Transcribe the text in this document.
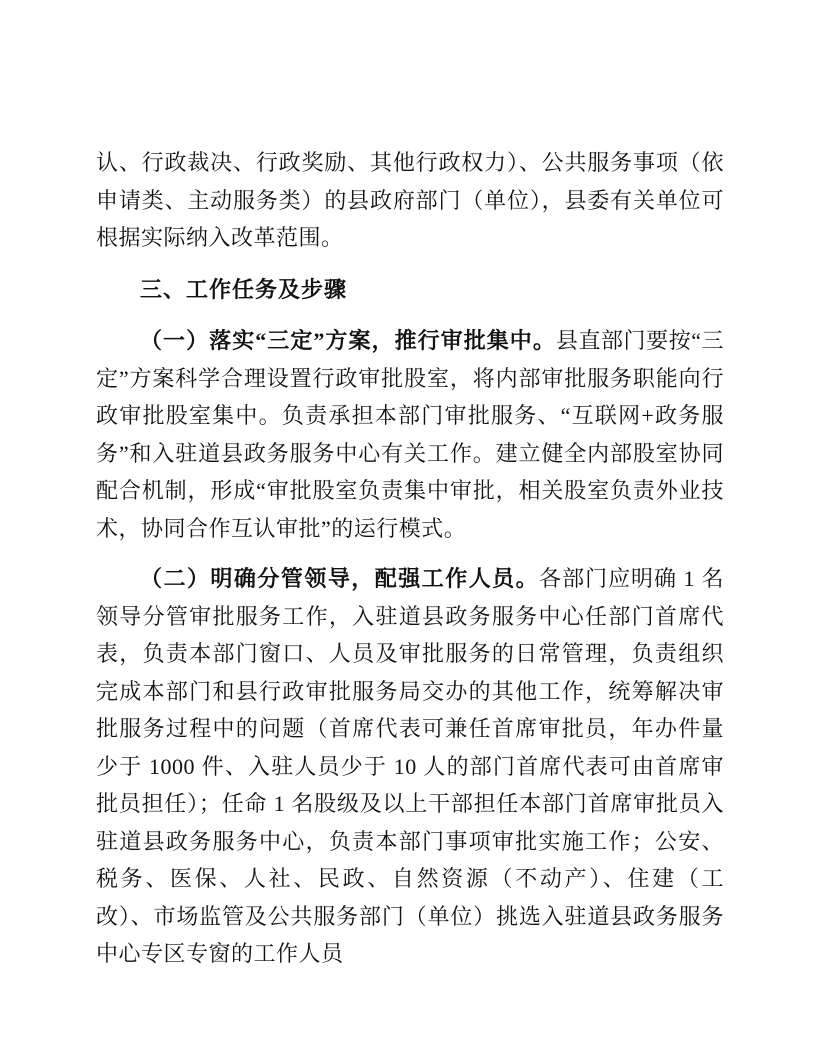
认、行政裁决、行政奖励、其他行政权力）、公共服务事项（依申请类、主动服务类）的县政府部门（单位），县委有关单位可根据实际纳入改革范围。

三、工作任务及步骤

（一）落实“三定”方案，推行审批集中。县直部门要按“三定”方案科学合理设置行政审批股室，将内部审批服务职能向行政审批股室集中。负责承担本部门审批服务、“互联网+政务服务”和入驻道县政务服务中心有关工作。建立健全内部股室协同配合机制，形成“审批股室负责集中审批，相关股室负责外业技术，协同合作互认审批”的运行模式。

（二）明确分管领导，配强工作人员。各部门应明确 1 名领导分管审批服务工作，入驻道县政务服务中心任部门首席代表，负责本部门窗口、人员及审批服务的日常管理，负责组织完成本部门和县行政审批服务局交办的其他工作，统筹解决审批服务过程中的问题（首席代表可兼任首席审批员，年办件量少于 1000 件、入驻人员少于 10 人的部门首席代表可由首席审批员担任）；任命 1 名股级及以上干部担任本部门首席审批员入驻道县政务服务中心，负责本部门事项审批实施工作；公安、税务、医保、人社、民政、自然资源（不动产）、住建（工改）、市场监管及公共服务部门（单位）挑选入驻道县政务服务中心专区专窗的工作人员
